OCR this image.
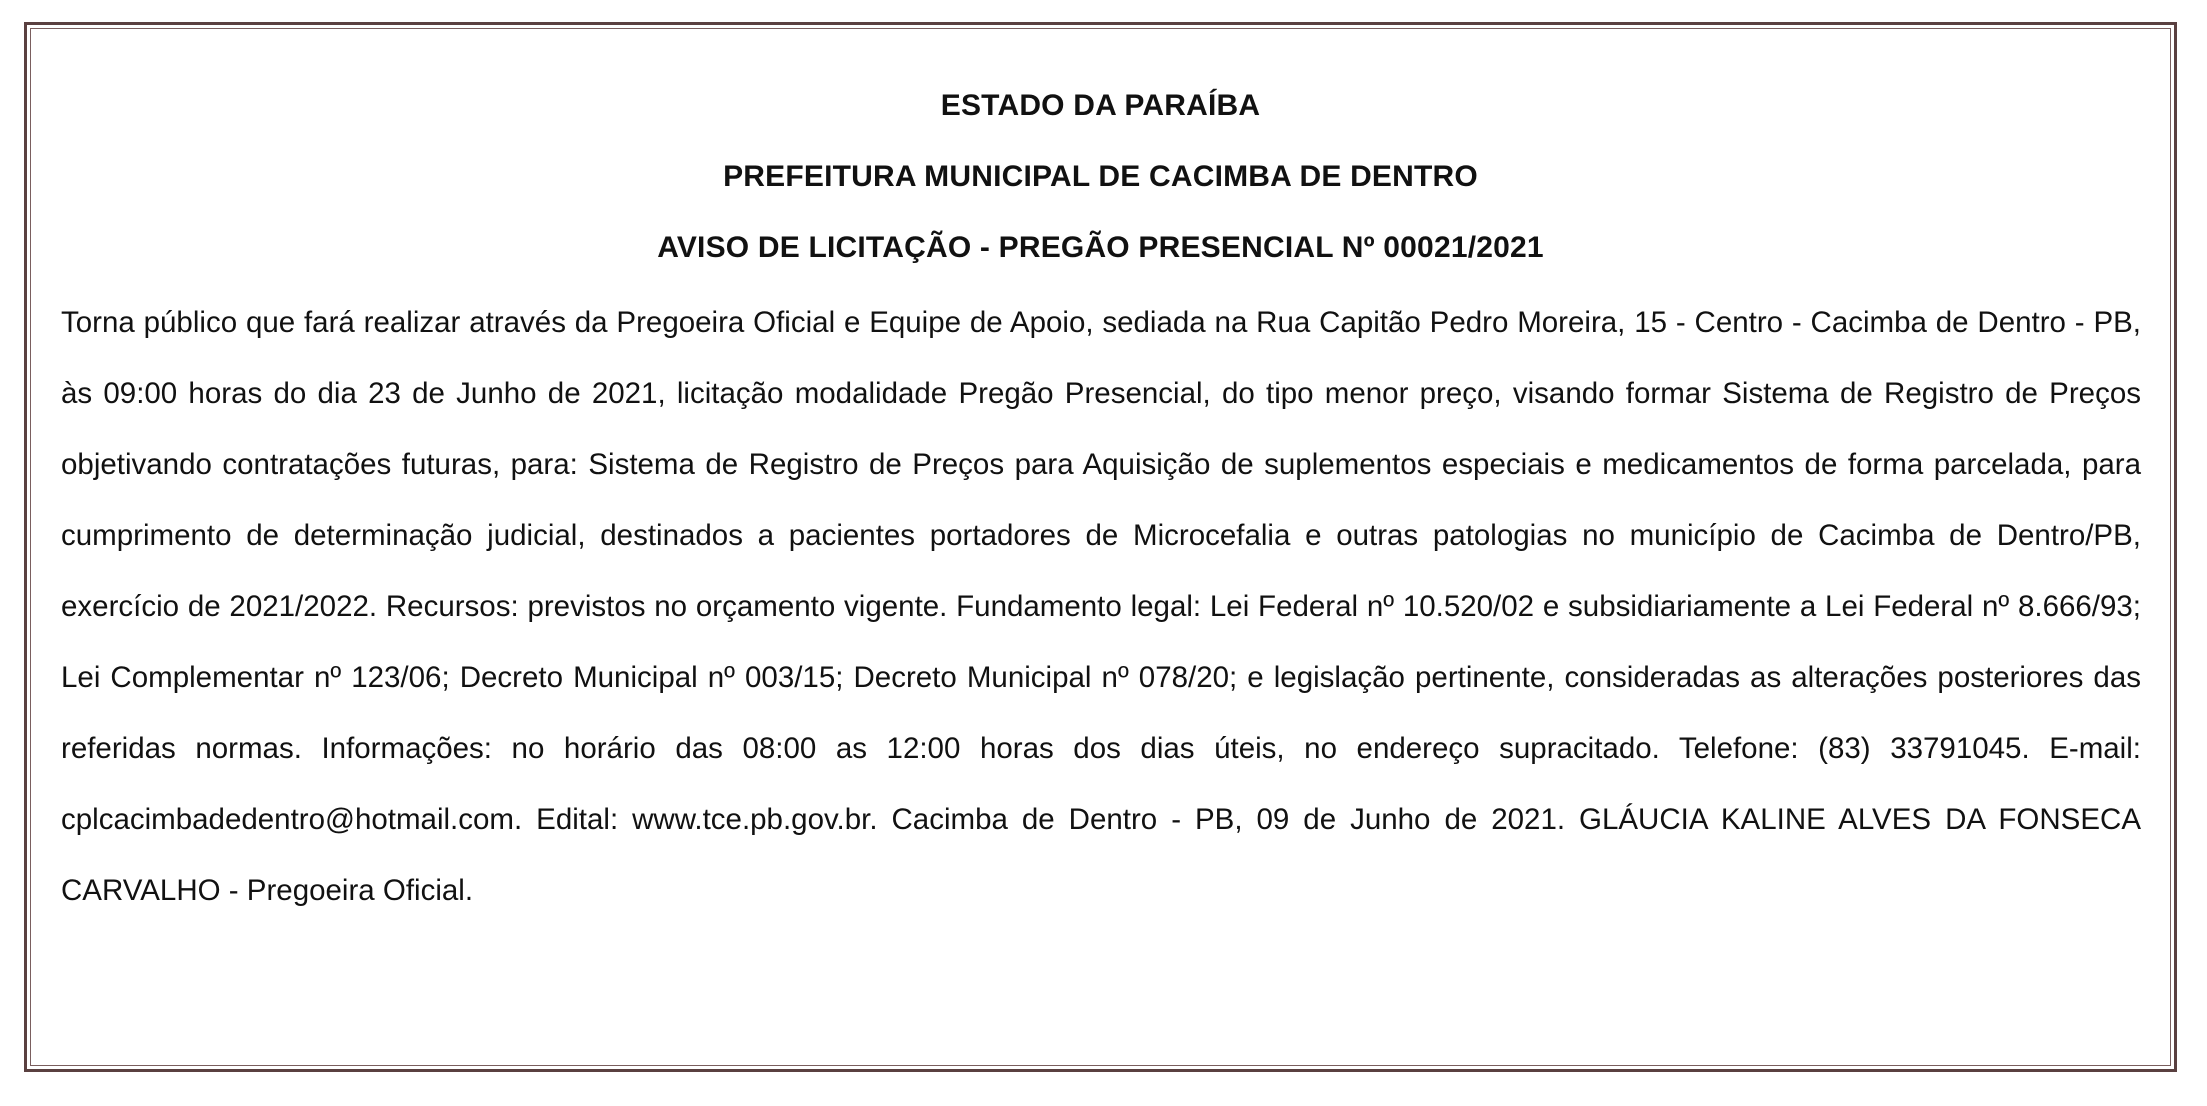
ESTADO DA PARAÍBA
PREFEITURA MUNICIPAL DE CACIMBA DE DENTRO
AVISO DE LICITAÇÃO - PREGÃO PRESENCIAL Nº 00021/2021

Torna público que fará realizar através da Pregoeira Oficial e Equipe de Apoio, sediada na Rua Capitão Pedro Moreira, 15 - Centro - Cacimba de Dentro - PB, às 09:00 horas do dia 23 de Junho de 2021, licitação modalidade Pregão Presencial, do tipo menor preço, visando formar Sistema de Registro de Preços objetivando contratações futuras, para: Sistema de Registro de Preços para Aquisição de suplementos especiais e medicamentos de forma parcelada, para cumprimento de determinação judicial, destinados a pacientes portadores de Microcefalia e outras patologias no município de Cacimba de Dentro/PB, exercício de 2021/2022. Recursos: previstos no orçamento vigente. Fundamento legal: Lei Federal nº 10.520/02 e subsidiariamente a Lei Federal nº 8.666/93; Lei Complementar nº 123/06; Decreto Municipal nº 003/15; Decreto Municipal nº 078/20; e legislação pertinente, consideradas as alterações posteriores das referidas normas. Informações: no horário das 08:00 as 12:00 horas dos dias úteis, no endereço supracitado. Telefone: (83) 33791045. E-mail: cplcacimbadedentro@hotmail.com. Edital: www.tce.pb.gov.br. Cacimba de Dentro - PB, 09 de Junho de 2021. GLÁUCIA KALINE ALVES DA FONSECA CARVALHO - Pregoeira Oficial.
